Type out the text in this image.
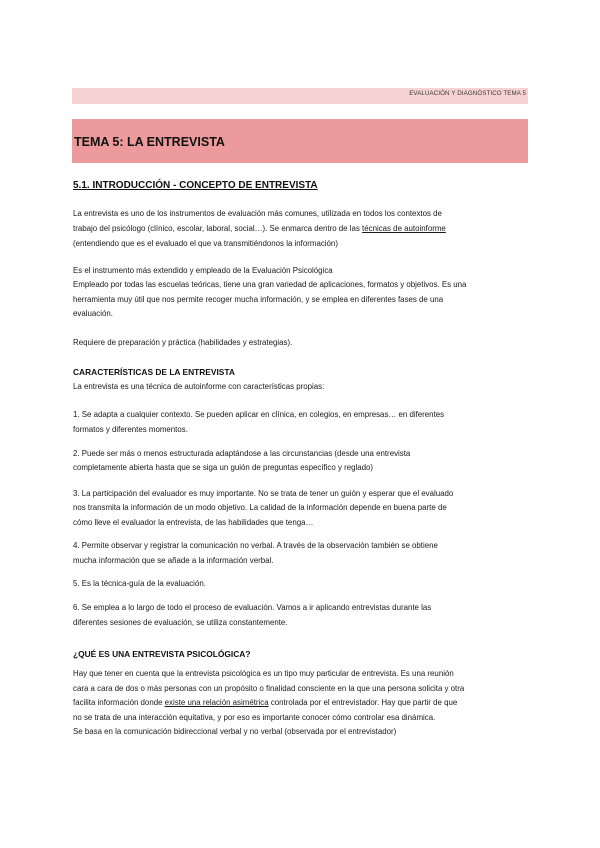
EVALUACIÓN Y DIAGNÓSTICO TEMA 5
TEMA 5: LA ENTREVISTA
5.1. INTRODUCCIÓN - CONCEPTO DE ENTREVISTA
La entrevista es uno de los instrumentos de evaluación más comunes, utilizada en todos los contextos de
trabajo del psicólogo (clínico, escolar, laboral, social…). Se enmarca dentro de las técnicas de autoinforme
(entendiendo que es el evaluado el que va transmitiéndonos la información)
Es el instrumento más extendido y empleado de la Evaluación Psicológica
Empleado por todas las escuelas teóricas, tiene una gran variedad de aplicaciones, formatos y objetivos. Es una
herramienta muy útil que nos permite recoger mucha información, y se emplea en diferentes fases de una
evaluación.
Requiere de preparación y práctica (habilidades y estrategias).
CARACTERÍSTICAS DE LA ENTREVISTA
La entrevista es una técnica de autoinforme con características propias:
1. Se adapta a cualquier contexto. Se pueden aplicar en clínica, en colegios, en empresas… en diferentes
formatos y diferentes momentos.
2. Puede ser más o menos estructurada adaptándose a las circunstancias (desde una entrevista
completamente abierta hasta que se siga un guión de preguntas específico y reglado)
3. La participación del evaluador es muy importante. No se trata de tener un guión y esperar que el evaluado
nos transmita la información de un modo objetivo. La calidad de la información depende en buena parte de
cómo lleve el evaluador la entrevista, de las habilidades que tenga…
4. Permite observar y registrar la comunicación no verbal. A través de la observación también se obtiene
mucha información que se añade a la información verbal.
5. Es la técnica-guía de la evaluación.
6. Se emplea a lo largo de todo el proceso de evaluación. Vamos a ir aplicando entrevistas durante las
diferentes sesiones de evaluación, se utiliza constantemente.
¿QUÉ ES UNA ENTREVISTA PSICOLÓGICA?
Hay que tener en cuenta que la entrevista psicológica es un tipo muy particular de entrevista. Es una reunión
cara a cara de dos o más personas con un propósito o finalidad consciente en la que una persona solicita y otra
facilita información donde existe una relación asimétrica controlada por el entrevistador. Hay que partir de que
no se trata de una interacción equitativa, y por eso es importante conocer cómo controlar esa dinámica.
Se basa en la comunicación bidireccional verbal y no verbal (observada por el entrevistador)
